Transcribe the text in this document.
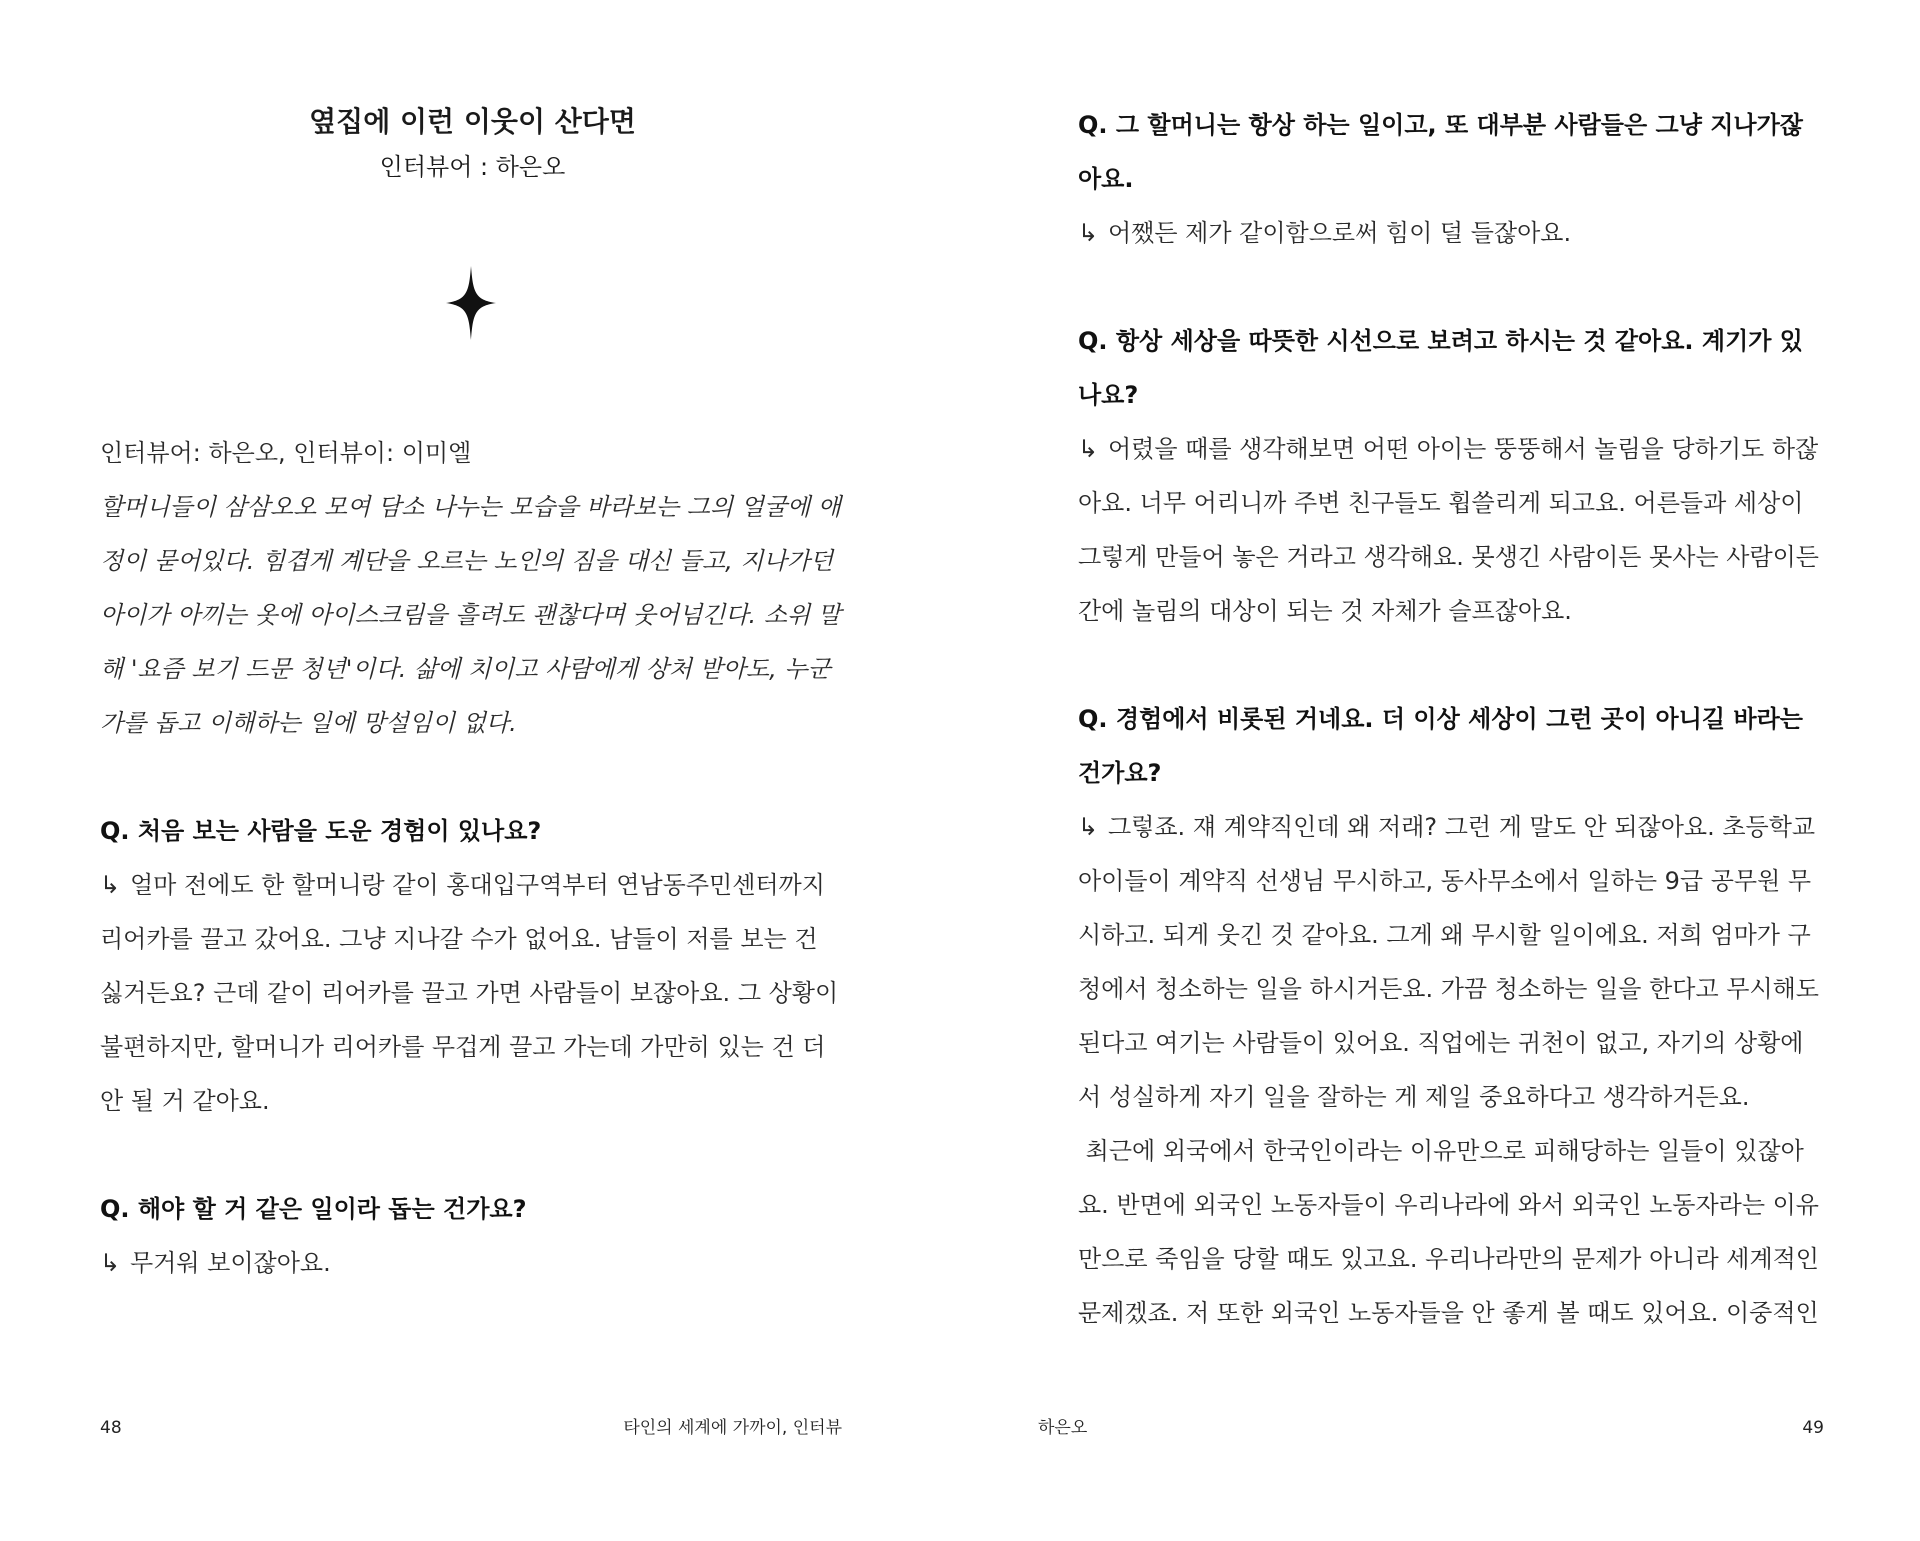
옆집에 이런 이웃이 산다면
인터뷰어 : 하은오

인터뷰어: 하은오, 인터뷰이: 이미엘

할머니들이 삼삼오오 모여 담소 나누는 모습을 바라보는 그의 얼굴에 애정이 묻어있다. 힘겹게 계단을 오르는 노인의 짐을 대신 들고, 지나가던 아이가 아끼는 옷에 아이스크림을 흘려도 괜찮다며 웃어넘긴다. 소위 말해 '요즘 보기 드문 청년'이다. 삶에 치이고 사람에게 상처 받아도, 누군가를 돕고 이해하는 일에 망설임이 없다.

Q. 처음 보는 사람을 도운 경험이 있나요?

↳ 얼마 전에도 한 할머니랑 같이 홍대입구역부터 연남동주민센터까지 리어카를 끌고 갔어요. 그냥 지나갈 수가 없어요. 남들이 저를 보는 건 싫거든요? 근데 같이 리어카를 끌고 가면 사람들이 보잖아요. 그 상황이 불편하지만, 할머니가 리어카를 무겁게 끌고 가는데 가만히 있는 건 더 안 될 거 같아요.

Q. 해야 할 거 같은 일이라 돕는 건가요?

↳ 무거워 보이잖아요.

48	타인의 세계에 가까이, 인터뷰

Q. 그 할머니는 항상 하는 일이고, 또 대부분 사람들은 그냥 지나가잖아요.

↳ 어쨌든 제가 같이함으로써 힘이 덜 들잖아요.

Q. 항상 세상을 따뜻한 시선으로 보려고 하시는 것 같아요. 계기가 있나요?

↳ 어렸을 때를 생각해보면 어떤 아이는 뚱뚱해서 놀림을 당하기도 하잖아요. 너무 어리니까 주변 친구들도 휩쓸리게 되고요. 어른들과 세상이 그렇게 만들어 놓은 거라고 생각해요. 못생긴 사람이든 못사는 사람이든 간에 놀림의 대상이 되는 것 자체가 슬프잖아요.

Q. 경험에서 비롯된 거네요. 더 이상 세상이 그런 곳이 아니길 바라는 건가요?

↳ 그렇죠. 쟤 계약직인데 왜 저래? 그런 게 말도 안 되잖아요. 초등학교 아이들이 계약직 선생님 무시하고, 동사무소에서 일하는 9급 공무원 무시하고. 되게 웃긴 것 같아요. 그게 왜 무시할 일이에요. 저희 엄마가 구청에서 청소하는 일을 하시거든요. 가끔 청소하는 일을 한다고 무시해도 된다고 여기는 사람들이 있어요. 직업에는 귀천이 없고, 자기의 상황에서 성실하게 자기 일을 잘하는 게 제일 중요하다고 생각하거든요.

최근에 외국에서 한국인이라는 이유만으로 피해당하는 일들이 있잖아요. 반면에 외국인 노동자들이 우리나라에 와서 외국인 노동자라는 이유만으로 죽임을 당할 때도 있고요. 우리나라만의 문제가 아니라 세계적인 문제겠죠. 저 또한 외국인 노동자들을 안 좋게 볼 때도 있어요. 이중적인

하은오	49
